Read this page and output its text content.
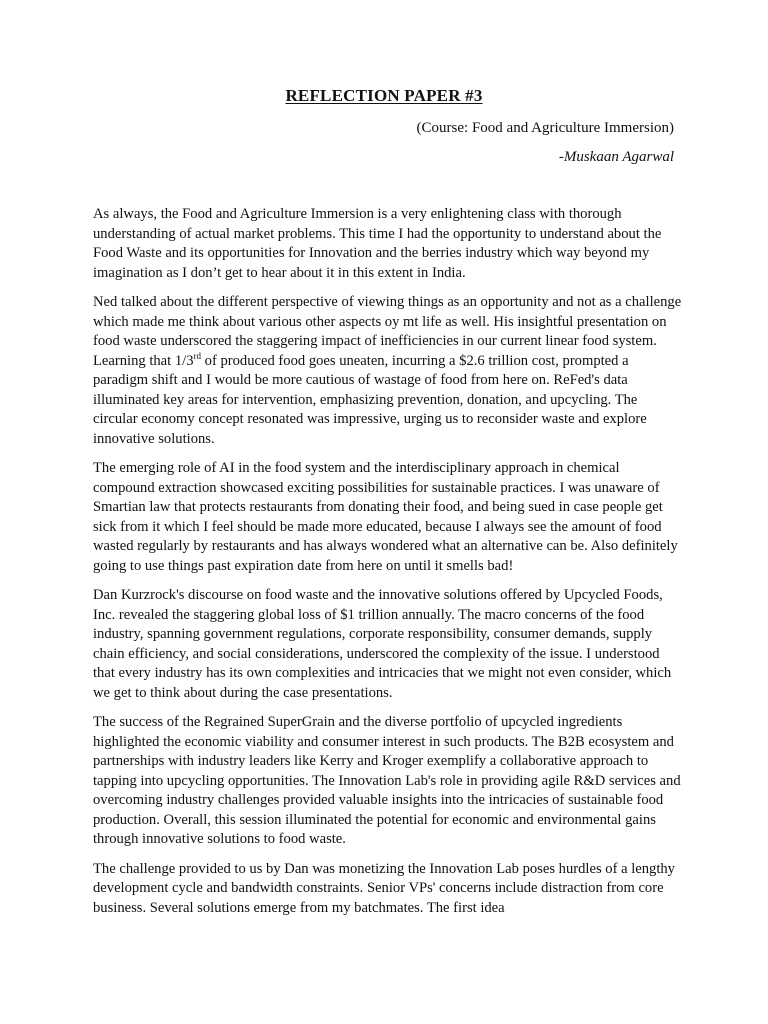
REFLECTION PAPER #3
(Course: Food and Agriculture Immersion)
-Muskaan Agarwal

As always, the Food and Agriculture Immersion is a very enlightening class with thorough understanding of actual market problems. This time I had the opportunity to understand about the Food Waste and its opportunities for Innovation and the berries industry which way beyond my imagination as I don’t get to hear about it in this extent in India.

Ned talked about the different perspective of viewing things as an opportunity and not as a challenge which made me think about various other aspects oy mt life as well. His insightful presentation on food waste underscored the staggering impact of inefficiencies in our current linear food system. Learning that 1/3rd of produced food goes uneaten, incurring a $2.6 trillion cost, prompted a paradigm shift and I would be more cautious of wastage of food from here on. ReFed's data illuminated key areas for intervention, emphasizing prevention, donation, and upcycling. The circular economy concept resonated was impressive, urging us to reconsider waste and explore innovative solutions.

The emerging role of AI in the food system and the interdisciplinary approach in chemical compound extraction showcased exciting possibilities for sustainable practices. I was unaware of Smartian law that protects restaurants from donating their food, and being sued in case people get sick from it which I feel should be made more educated, because I always see the amount of food wasted regularly by restaurants and has always wondered what an alternative can be. Also definitely going to use things past expiration date from here on until it smells bad!

Dan Kurzrock's discourse on food waste and the innovative solutions offered by Upcycled Foods, Inc. revealed the staggering global loss of $1 trillion annually. The macro concerns of the food industry, spanning government regulations, corporate responsibility, consumer demands, supply chain efficiency, and social considerations, underscored the complexity of the issue. I understood that every industry has its own complexities and intricacies that we might not even consider, which we get to think about during the case presentations.

The success of the Regrained SuperGrain and the diverse portfolio of upcycled ingredients highlighted the economic viability and consumer interest in such products. The B2B ecosystem and partnerships with industry leaders like Kerry and Kroger exemplify a collaborative approach to tapping into upcycling opportunities. The Innovation Lab's role in providing agile R&D services and overcoming industry challenges provided valuable insights into the intricacies of sustainable food production. Overall, this session illuminated the potential for economic and environmental gains through innovative solutions to food waste.

The challenge provided to us by Dan was monetizing the Innovation Lab poses hurdles of a lengthy development cycle and bandwidth constraints. Senior VPs' concerns include distraction from core business. Several solutions emerge from my batchmates. The first idea
